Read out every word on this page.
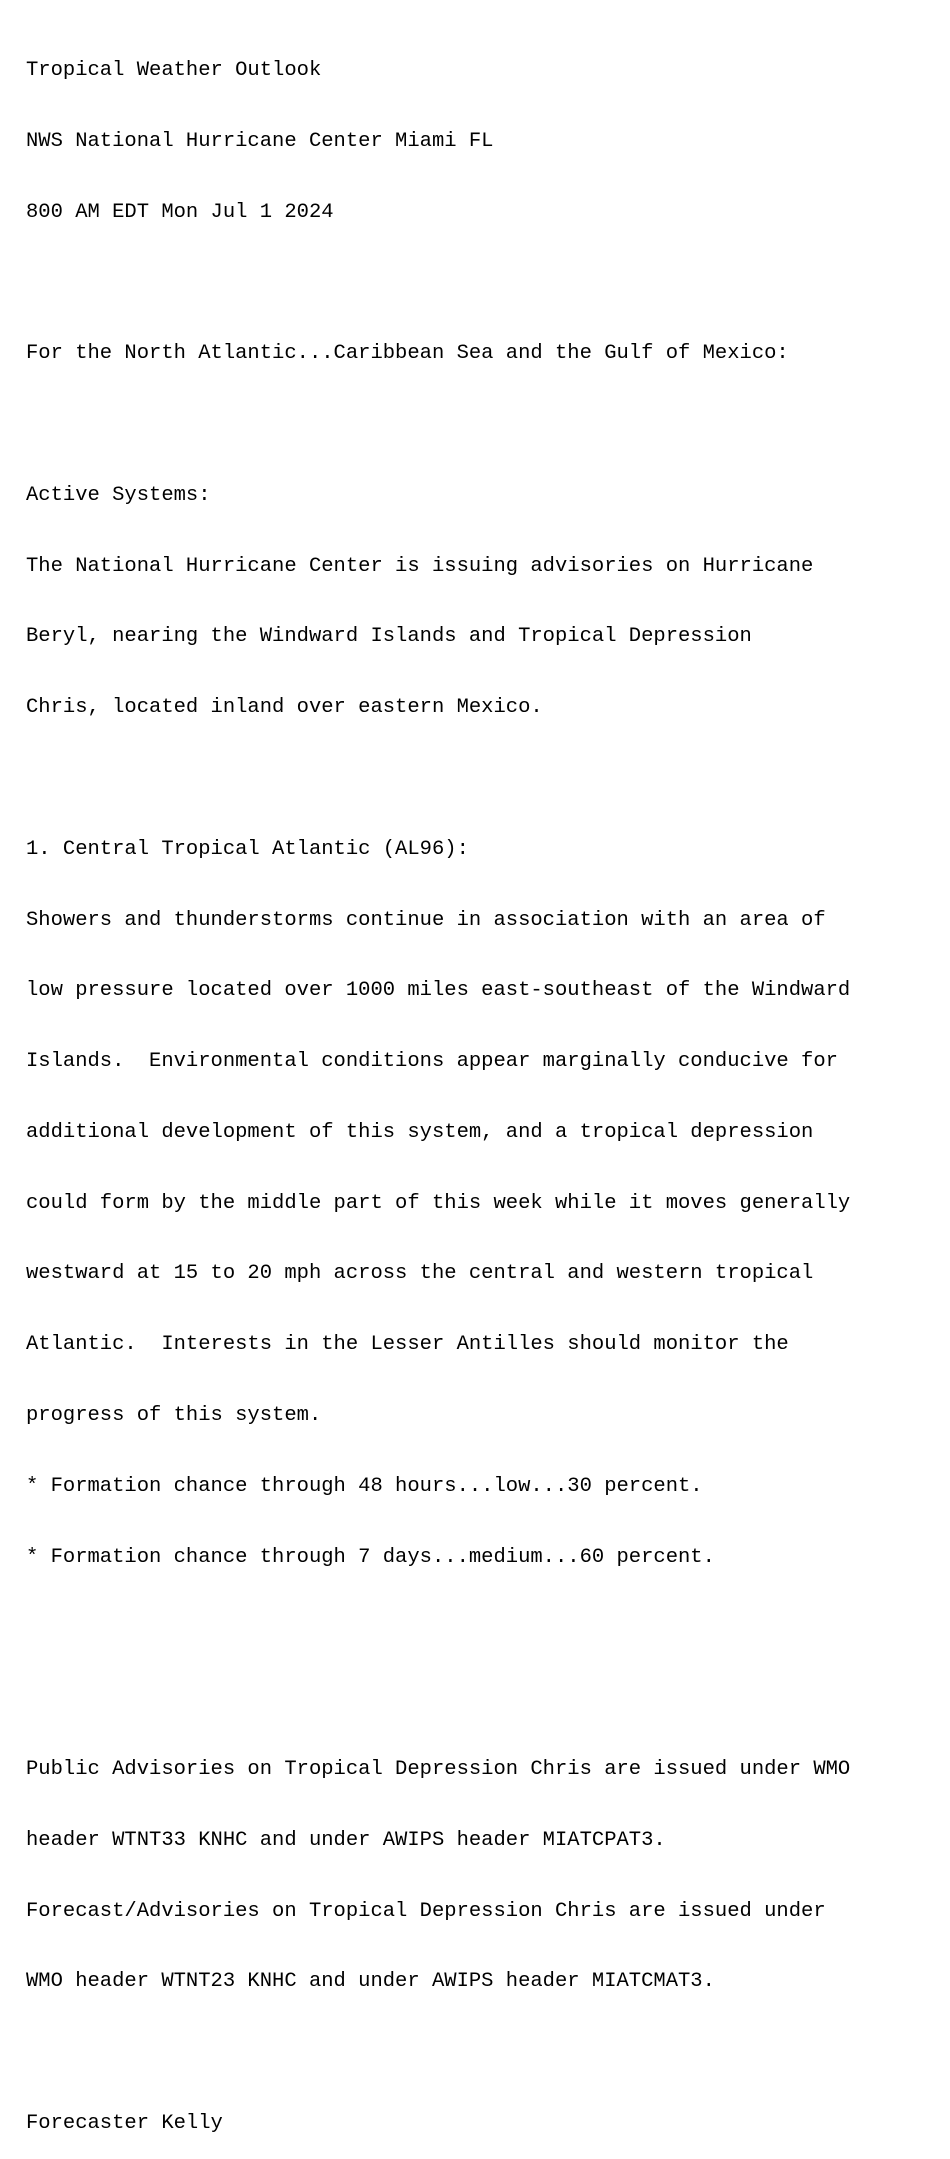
Tropical Weather Outlook

NWS National Hurricane Center Miami FL

800 AM EDT Mon Jul 1 2024

For the North Atlantic...Caribbean Sea and the Gulf of Mexico:

Active Systems:

The National Hurricane Center is issuing advisories on Hurricane

Beryl, nearing the Windward Islands and Tropical Depression

Chris, located inland over eastern Mexico.

1. Central Tropical Atlantic (AL96):

Showers and thunderstorms continue in association with an area of

low pressure located over 1000 miles east-southeast of the Windward

Islands.  Environmental conditions appear marginally conducive for

additional development of this system, and a tropical depression

could form by the middle part of this week while it moves generally

westward at 15 to 20 mph across the central and western tropical

Atlantic.  Interests in the Lesser Antilles should monitor the

progress of this system.

* Formation chance through 48 hours...low...30 percent.

* Formation chance through 7 days...medium...60 percent.

Public Advisories on Tropical Depression Chris are issued under WMO

header WTNT33 KNHC and under AWIPS header MIATCPAT3.

Forecast/Advisories on Tropical Depression Chris are issued under

WMO header WTNT23 KNHC and under AWIPS header MIATCMAT3.

Forecaster Kelly
